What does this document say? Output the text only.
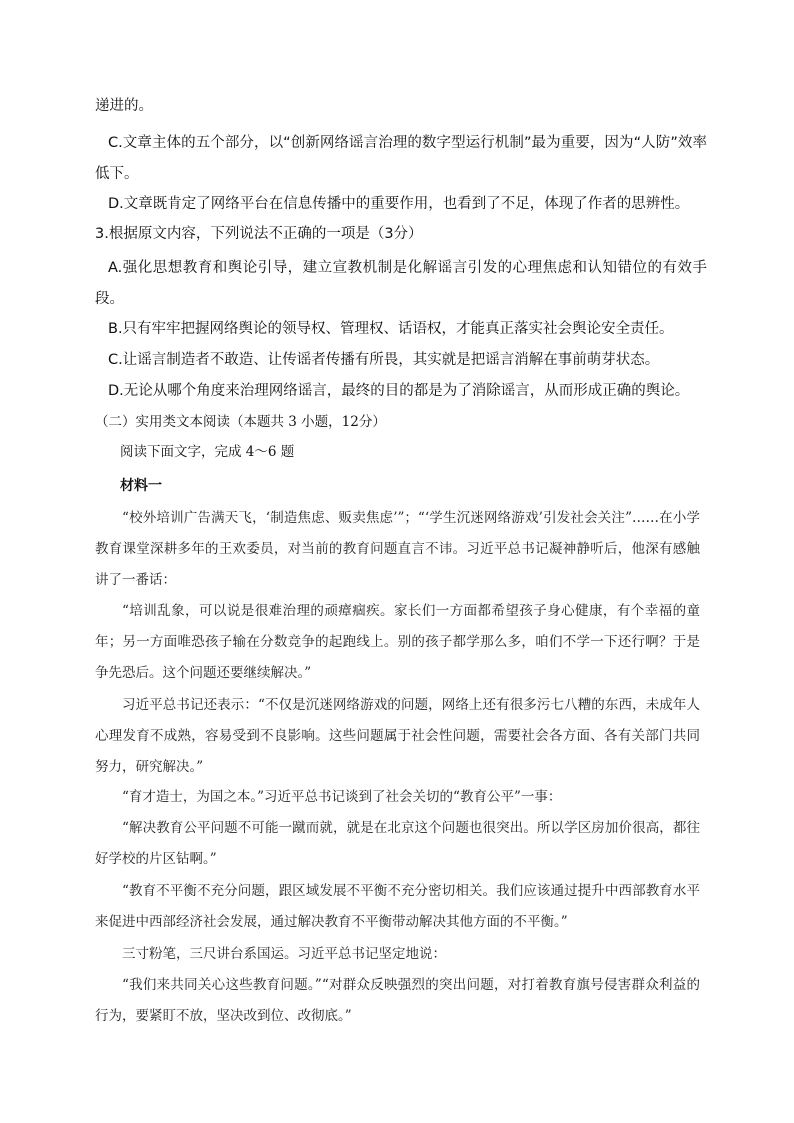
递进的。
C.文章主体的五个部分，以“创新网络谣言治理的数字型运行机制”最为重要，因为“人防”效率低下。
D.文章既肯定了网络平台在信息传播中的重要作用，也看到了不足，体现了作者的思辨性。
3.根据原文内容，下列说法不正确的一项是（3分）
A.强化思想教育和舆论引导，建立宣教机制是化解谣言引发的心理焦虑和认知错位的有效手段。
B.只有牢牢把握网络舆论的领导权、管理权、话语权，才能真正落实社会舆论安全责任。
C.让谣言制造者不敢造、让传谣者传播有所畏，其实就是把谣言消解在事前萌芽状态。
D.无论从哪个角度来治理网络谣言，最终的目的都是为了消除谣言，从而形成正确的舆论。
（二）实用类文本阅读（本题共 3 小题，12分）
阅读下面文字，完成 4～6 题
材料一
“校外培训广告满天飞，‘制造焦虑、贩卖焦虑’”；“‘学生沉迷网络游戏’引发社会关注”……在小学教育课堂深耕多年的王欢委员，对当前的教育问题直言不讳。习近平总书记凝神静听后，他深有感触讲了一番话：
“培训乱象，可以说是很难治理的顽瘴痼疾。家长们一方面都希望孩子身心健康，有个幸福的童年；另一方面唯恐孩子输在分数竞争的起跑线上。别的孩子都学那么多，咱们不学一下还行啊？于是争先恐后。这个问题还要继续解决。”
习近平总书记还表示：“不仅是沉迷网络游戏的问题，网络上还有很多污七八糟的东西，未成年人心理发育不成熟，容易受到不良影响。这些问题属于社会性问题，需要社会各方面、各有关部门共同努力，研究解决。”
“育才造士，为国之本。”习近平总书记谈到了社会关切的“教育公平”一事：
“解决教育公平问题不可能一蹴而就，就是在北京这个问题也很突出。所以学区房加价很高，都往好学校的片区钻啊。”
“教育不平衡不充分问题，跟区域发展不平衡不充分密切相关。我们应该通过提升中西部教育水平来促进中西部经济社会发展，通过解决教育不平衡带动解决其他方面的不平衡。”
三寸粉笔，三尺讲台系国运。习近平总书记坚定地说：
“我们来共同关心这些教育问题。”“对群众反映强烈的突出问题，对打着教育旗号侵害群众利益的行为，要紧盯不放，坚决改到位、改彻底。”
